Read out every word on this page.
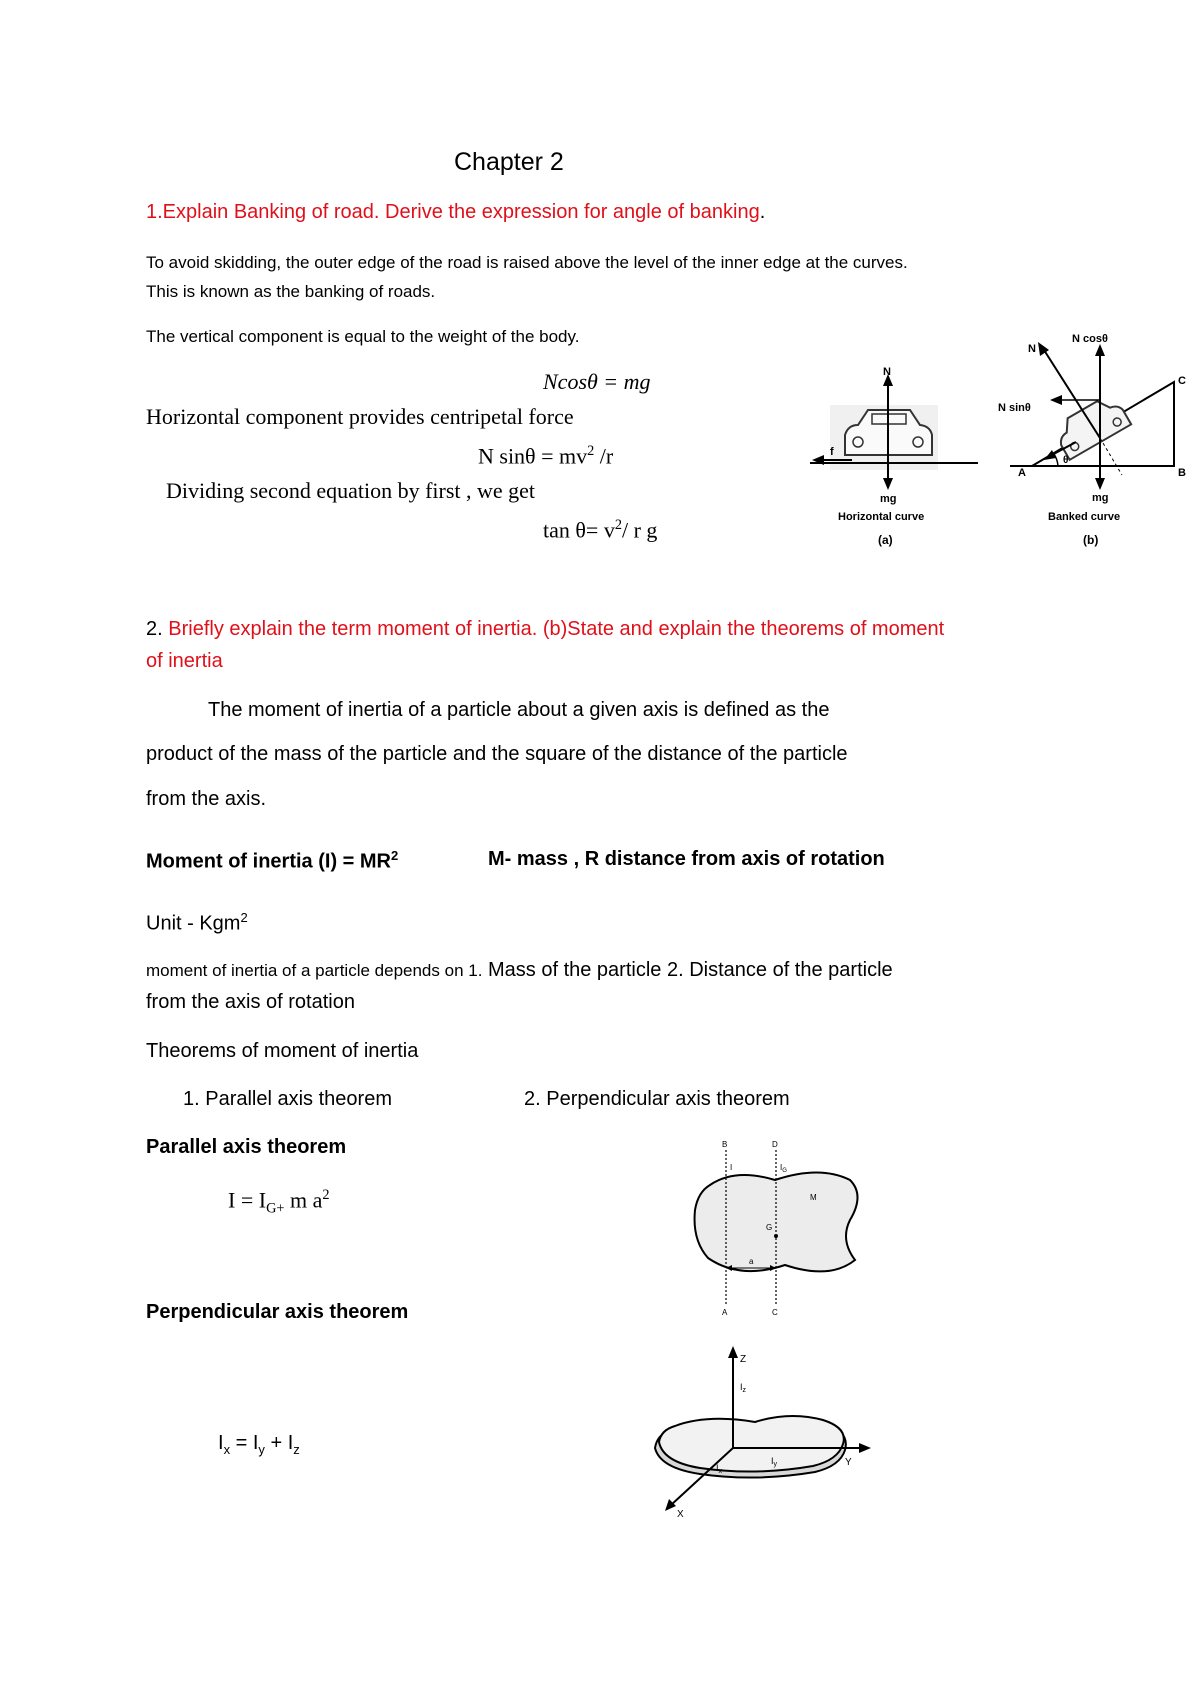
Chapter 2
1.Explain Banking of road. Derive the expression for angle of banking.
To avoid skidding, the outer edge of the road is raised above the level of the inner edge at the curves.
This is known as the banking of roads.
The vertical component is equal to the weight of the body.
Ncosθ = mg
Horizontal component provides centripetal force
N $\sin\theta = mv^2$ /r
Dividing second equation by first , we get
$\tan \theta= v^2/$ r g
N
f
mg
Horizontal curve
(a)
N
N cosθ
N sinθ
θ
A	B
C
mg
Banked curve
(b)
2. Briefly explain the term moment of inertia. (b)State and explain the theorems of moment
of inertia
The moment of inertia of a particle about a given axis is defined as the
product of the mass of the particle and the square of the distance of the particle
from the axis.
Moment of inertia $(I) = MR^2$	M- mass , R distance from axis of rotation
Unit - Kgm$^2$
moment of inertia of a particle depends on 1. Mass of the particle 2. Distance of the particle
from the axis of rotation
Theorems of moment of inertia
1. Parallel axis theorem	2. Perpendicular axis theorem
Parallel axis theorem
$I = I_{G+}$ m $a^2$
B	D
I	$I_G$
M
G
a
A	C
Perpendicular axis theorem
$I_x = I_y + I_z$
Z
$I_z$
Y
$I_y$
$I_x$
X
